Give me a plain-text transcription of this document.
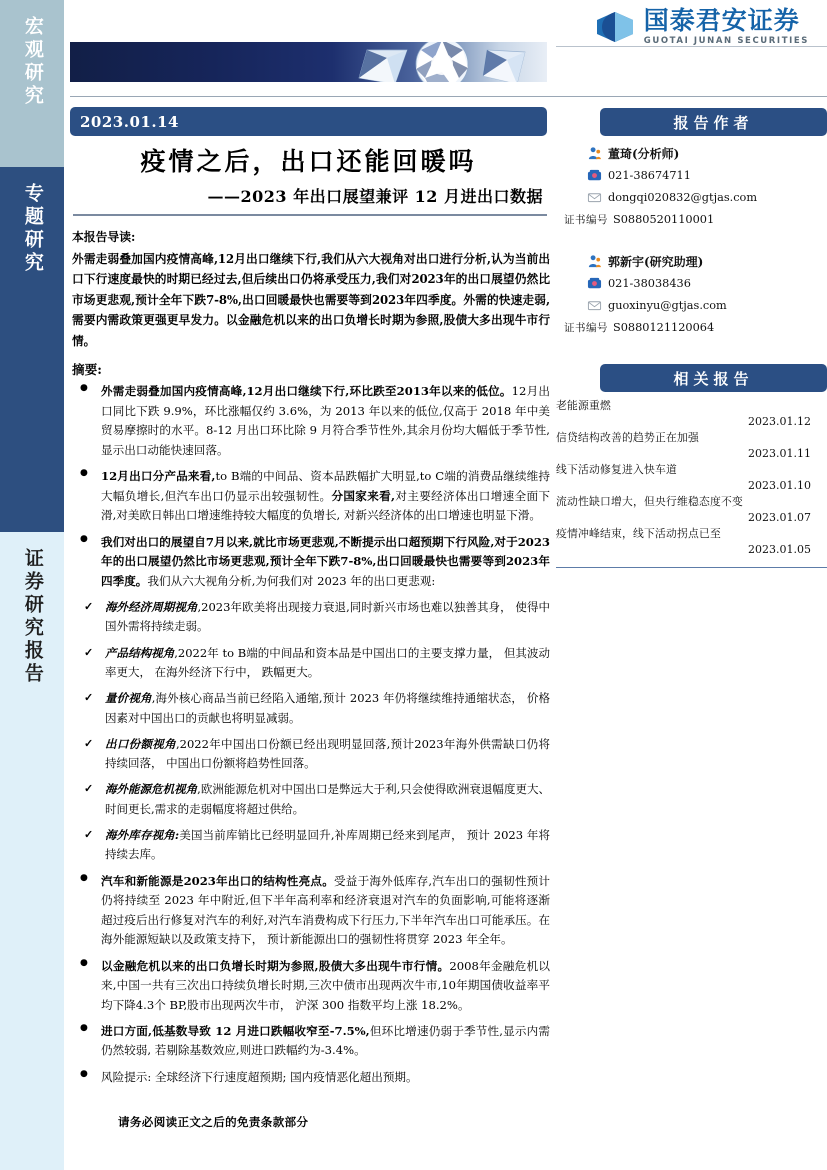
宏观研究
专题研究
证券研究报告
国泰君安证券
GUOTAI JUNAN SECURITIES
2023.01.14
疫情之后，出口还能回暖吗
——2023 年出口展望兼评 12 月进出口数据
本报告导读:
外需走弱叠加国内疫情高峰,12月出口继续下行,我们从六大视角对出口进行分析,认为当前出口下行速度最快的时期已经过去,但后续出口仍将承受压力,我们对2023年的出口展望仍然比市场更悲观,预计全年下跌7-8%,出口回暖最快也需要等到2023年四季度。外需的快速走弱,需要内需政策更强更早发力。以金融危机以来的出口负增长时期为参照,股债大多出现牛市行情。
摘要:
● 外需走弱叠加国内疫情高峰,12月出口继续下行,环比跌至2013年以来的低位。12月出口同比下跌 9.9%，环比涨幅仅约 3.6%，为 2013 年以来的低位,仅高于 2018 年中美贸易摩擦时的水平。8-12 月出口环比除 9 月符合季节性外,其余月份均大幅低于季节性,显示出口动能快速回落。
● 12月出口分产品来看,to B端的中间品、资本品跌幅扩大明显,to C端的消费品继续维持大幅负增长,但汽车出口仍显示出较强韧性。分国家来看,对主要经济体出口增速全面下滑,对美欧日韩出口增速维持较大幅度的负增长, 对新兴经济体的出口增速也明显下滑。
● 我们对出口的展望自7月以来,就比市场更悲观,不断提示出口超预期下行风险,对于2023年的出口展望仍然比市场更悲观,预计全年下跌7-8%,出口回暖最快也需要等到2023年四季度。我们从六大视角分析,为何我们对 2023 年的出口更悲观:
✓ 海外经济周期视角,2023年欧美将出现接力衰退,同时新兴市场也难以独善其身， 使得中国外需将持续走弱。
✓ 产品结构视角,2022年 to B端的中间品和资本品是中国出口的主要支撑力量， 但其波动率更大， 在海外经济下行中， 跌幅更大。
✓ 量价视角,海外核心商品当前已经陷入通缩,预计 2023 年仍将继续维持通缩状态， 价格因素对中国出口的贡献也将明显减弱。
✓ 出口份额视角,2022年中国出口份额已经出现明显回落,预计2023年海外供需缺口仍将持续回落， 中国出口份额将趋势性回落。
✓ 海外能源危机视角,欧洲能源危机对中国出口是弊远大于利,只会使得欧洲衰退幅度更大、时间更长,需求的走弱幅度将超过供给。
✓ 海外库存视角:美国当前库销比已经明显回升,补库周期已经来到尾声， 预计 2023 年将持续去库。
● 汽车和新能源是2023年出口的结构性亮点。受益于海外低库存,汽车出口的强韧性预计仍将持续至 2023 年中附近,但下半年高利率和经济衰退对汽车的负面影响,可能将逐渐超过疫后出行修复对汽车的利好,对汽车消费构成下行压力,下半年汽车出口可能承压。在海外能源短缺以及政策支持下， 预计新能源出口的强韧性将贯穿 2023 年全年。
● 以金融危机以来的出口负增长时期为参照,股债大多出现牛市行情。2008年金融危机以来,中国一共有三次出口持续负增长时期,三次中债市出现两次牛市,10年期国债收益率平均下降4.3个 BP,股市出现两次牛市， 沪深 300 指数平均上涨 18.2%。
● 进口方面,低基数导致 12 月进口跌幅收窄至-7.5%,但环比增速仍弱于季节性,显示内需仍然较弱, 若剔除基数效应,则进口跌幅约为-3.4%。
● 风险提示: 全球经济下行速度超预期; 国内疫情恶化超出预期。
请务必阅读正文之后的免责条款部分
报告作者
董琦(分析师)
021-38674711
dongqi020832@gtjas.com
证书编号 S0880520110001
郭新宇(研究助理)
021-38038436
guoxinyu@gtjas.com
证书编号 S0880121120064
相关报告
老能源重燃
2023.01.12
信贷结构改善的趋势正在加强
2023.01.11
线下活动修复进入快车道
2023.01.10
流动性缺口增大，但央行维稳态度不变
2023.01.07
疫情冲峰结束，线下活动拐点已至
2023.01.05
